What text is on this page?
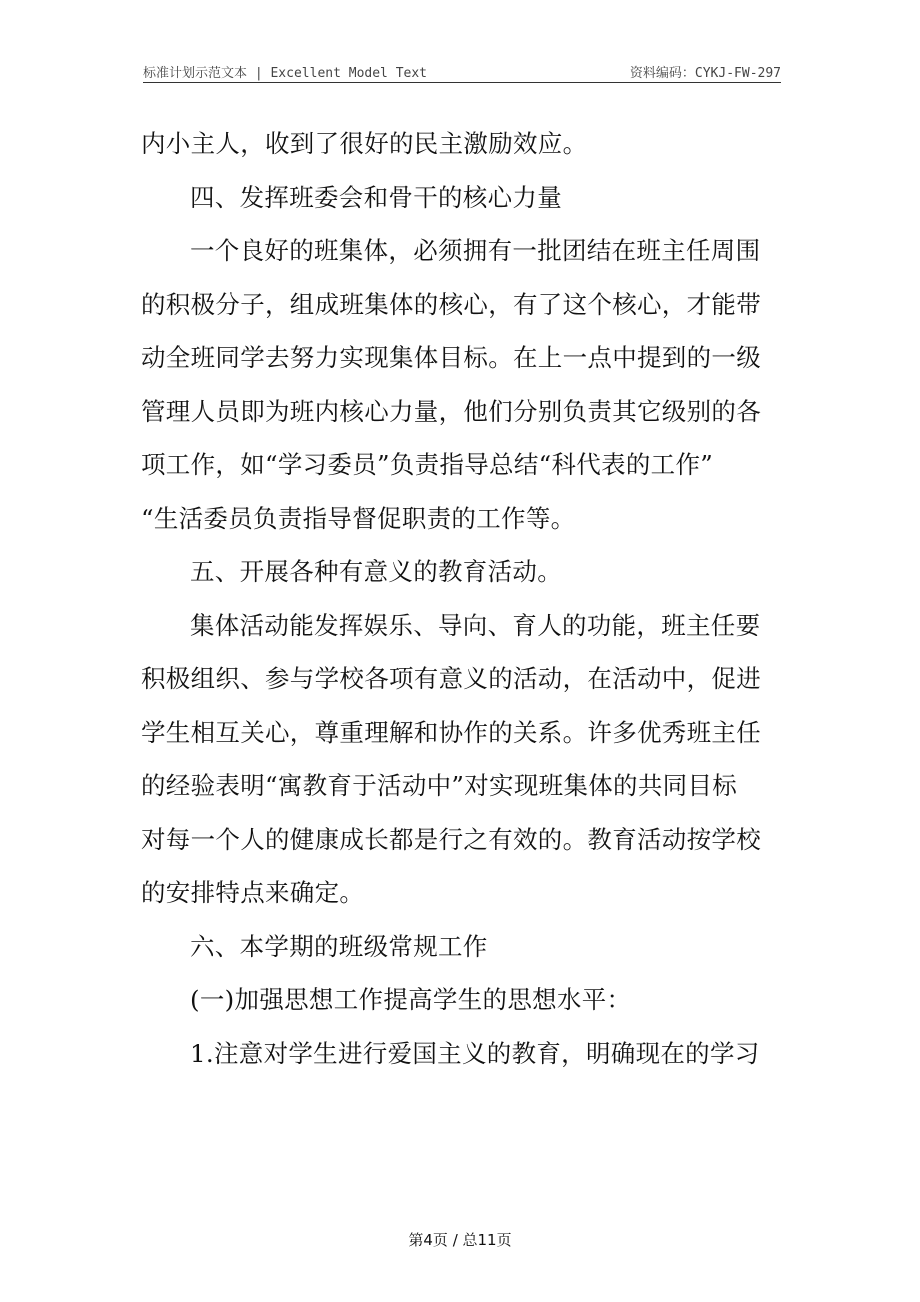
标准计划示范文本 | Excellent Model Text	资料编码：CYKJ-FW-297
内小主人，收到了很好的民主激励效应。
四、发挥班委会和骨干的核心力量
一个良好的班集体，必须拥有一批团结在班主任周围
的积极分子，组成班集体的核心，有了这个核心，才能带
动全班同学去努力实现集体目标。在上一点中提到的一级
管理人员即为班内核心力量，他们分别负责其它级别的各
项工作，如“学习委员”负责指导总结“科代表的工作”
“生活委员负责指导督促职责的工作等。
五、开展各种有意义的教育活动。
集体活动能发挥娱乐、导向、育人的功能，班主任要
积极组织、参与学校各项有意义的活动，在活动中，促进
学生相互关心，尊重理解和协作的关系。许多优秀班主任
的经验表明“寓教育于活动中”对实现班集体的共同目标
对每一个人的健康成长都是行之有效的。教育活动按学校
的安排特点来确定。
六、本学期的班级常规工作
(一)加强思想工作提高学生的思想水平：
1.注意对学生进行爱国主义的教育，明确现在的学习
第4页 / 总11页
